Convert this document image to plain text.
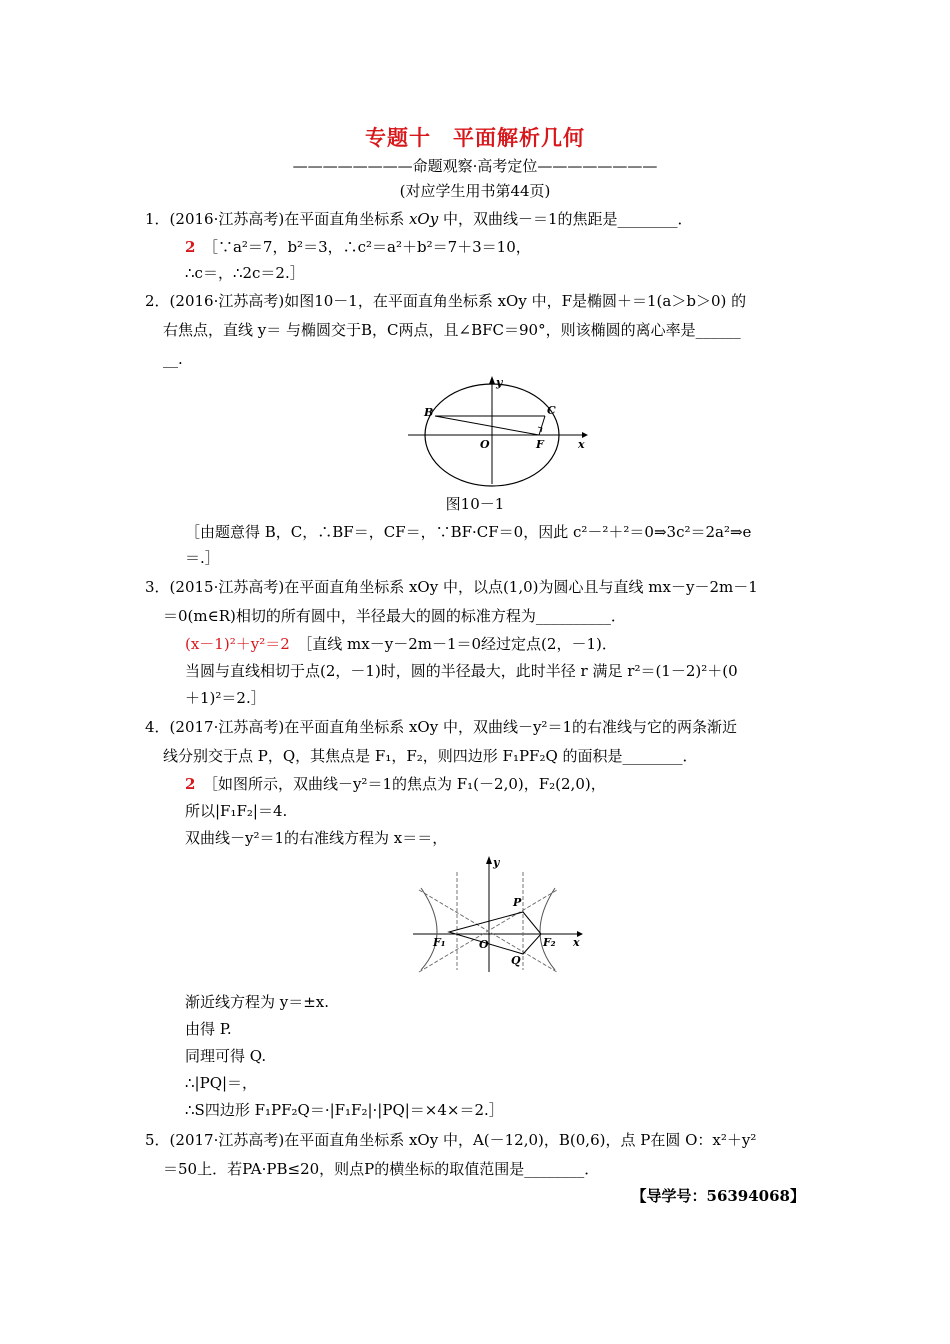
专题十　平面解析几何
————————命题观察·高考定位————————
(对应学生用书第44页)
1．(2016·江苏高考)在平面直角坐标系 xOy 中，双曲线－＝1的焦距是________．
2　 ［∵a²＝7，b²＝3，∴c²＝a²＋b²＝7＋3＝10，
∴c＝，∴2c＝2.］
2．(2016·江苏高考)如图10－1，在平面直角坐标系 xOy 中，F是椭圆＋＝1(a＞b＞0) 的
右焦点，直线 y＝ 与椭圆交于B，C两点，且∠BFC＝90°，则该椭圆的离心率是______
__.
y
x
B	C
O	F
图10－1
［由题意得 B，C，∴BF＝，CF＝，∵BF·CF＝0，因此 c²－²＋²＝0⇒3c²＝2a²⇒e
＝.］
3．(2015·江苏高考)在平面直角坐标系 xOy 中，以点(1,0)为圆心且与直线 mx－y－2m－1
＝0(m∈R)相切的所有圆中，半径最大的圆的标准方程为__________．
(x－1)²＋y²＝2　 ［直线 mx－y－2m－1＝0经过定点(2，－1)．
当圆与直线相切于点(2，－1)时，圆的半径最大，此时半径 r 满足 r²＝(1－2)²＋(0
＋1)²＝2.］
4．(2017·江苏高考)在平面直角坐标系 xOy 中，双曲线－y²＝1的右准线与它的两条渐近
线分别交于点 P，Q，其焦点是 F₁，F₂，则四边形 F₁PF₂Q 的面积是________．
2　 ［如图所示，双曲线－y²＝1的焦点为 F₁(－2,0)，F₂(2,0)，
所以|F₁F₂|＝4.
双曲线－y²＝1的右准线方程为 x＝＝，
y
x
P
Q
O
F₁	F₂
渐近线方程为 y＝±x.
由得 P.
同理可得 Q.
∴|PQ|＝，
∴S四边形 F₁PF₂Q＝·|F₁F₂|·|PQ|＝×4×＝2.］
5．(2017·江苏高考)在平面直角坐标系 xOy 中，A(－12,0)，B(0,6)，点 P在圆 O：x²＋y²
＝50上．若PA·PB≤20，则点P的横坐标的取值范围是________．
【导学号：56394068】
